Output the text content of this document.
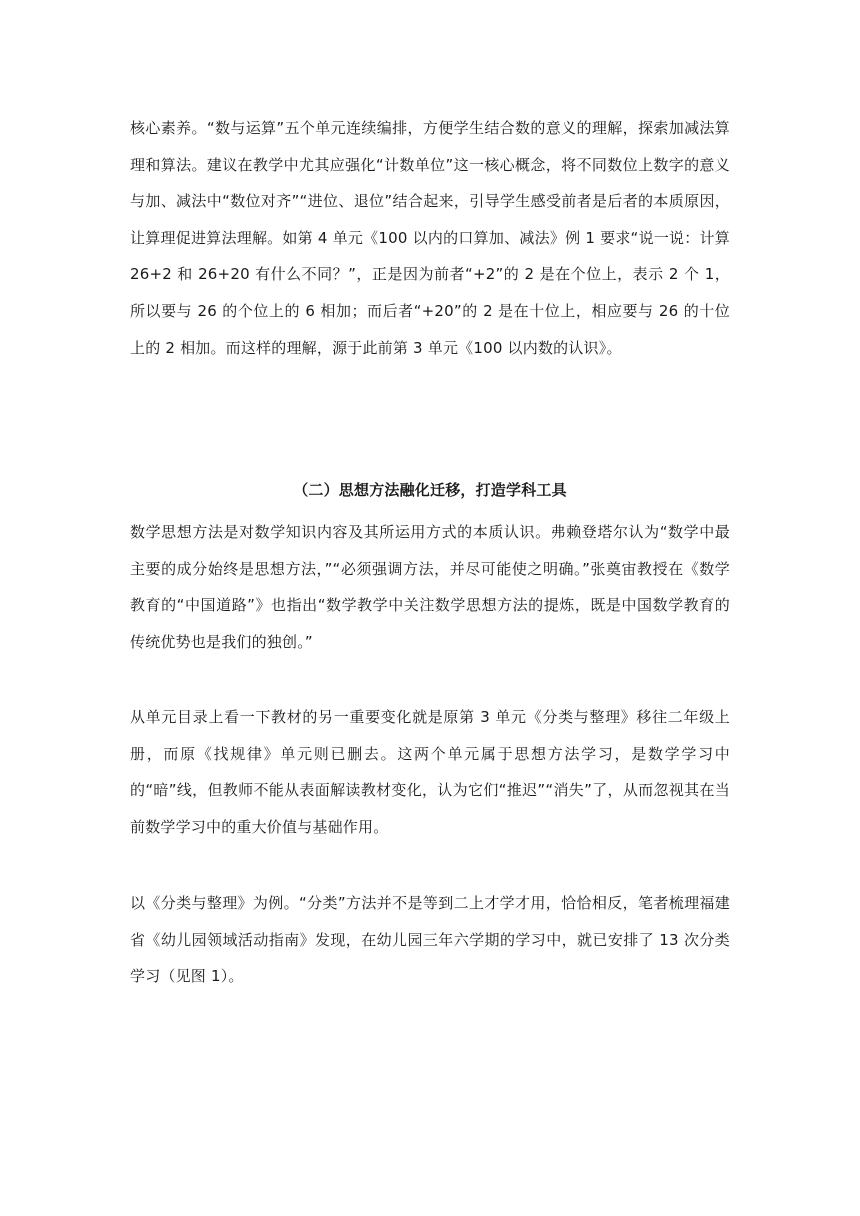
核心素养。“数与运算”五个单元连续编排，方便学生结合数的意义的理解，探索加减法算理和算法。建议在教学中尤其应强化“计数单位”这一核心概念，将不同数位上数字的意义与加、减法中“数位对齐”“进位、退位”结合起来，引导学生感受前者是后者的本质原因，让算理促进算法理解。如第 4 单元《100 以内的口算加、减法》例 1 要求“说一说：计算 26+2 和 26+20 有什么不同？”，正是因为前者“+2”的 2 是在个位上，表示 2 个 1，所以要与 26 的个位上的 6 相加；而后者“+20”的 2 是在十位上，相应要与 26 的十位上的 2 相加。而这样的理解，源于此前第 3 单元《100 以内数的认识》。

（二）思想方法融化迁移，打造学科工具

数学思想方法是对数学知识内容及其所运用方式的本质认识。弗赖登塔尔认为“数学中最主要的成分始终是思想方法，”“必须强调方法，并尽可能使之明确。”张奠宙教授在《数学教育的“中国道路”》也指出“数学教学中关注数学思想方法的提炼，既是中国数学教育的传统优势也是我们的独创。”

从单元目录上看一下教材的另一重要变化就是原第 3 单元《分类与整理》移往二年级上册，而原《找规律》单元则已删去。这两个单元属于思想方法学习，是数学学习中的“暗”线，但教师不能从表面解读教材变化，认为它们“推迟”“消失”了，从而忽视其在当前数学学习中的重大价值与基础作用。

以《分类与整理》为例。“分类”方法并不是等到二上才学才用，恰恰相反，笔者梳理福建省《幼儿园领域活动指南》发现，在幼儿园三年六学期的学习中，就已安排了 13 次分类学习（见图 1）。
